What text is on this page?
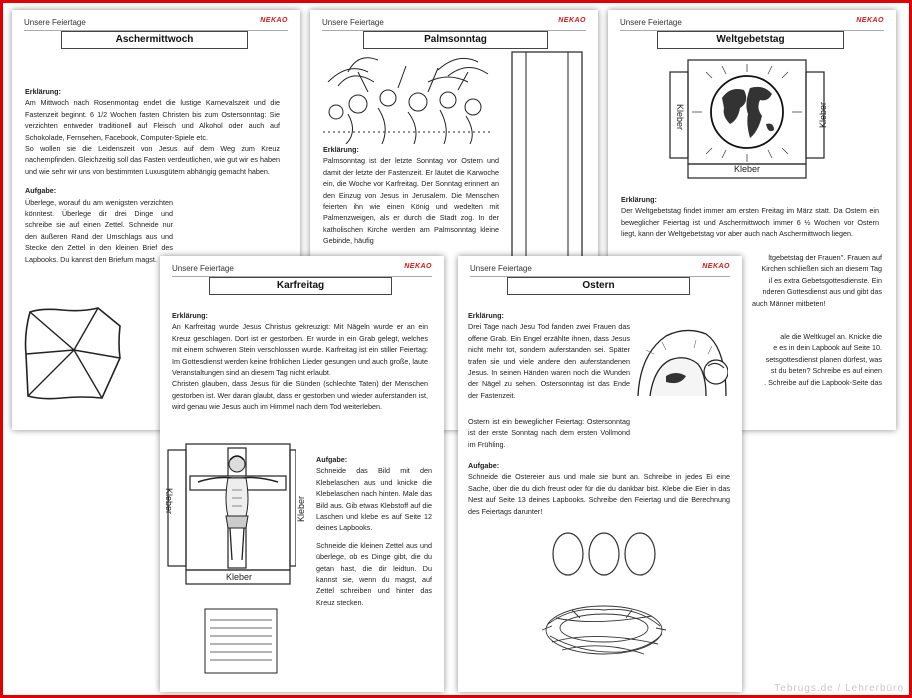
Unsere Feiertage	NEKAO
Aschermittwoch

Erklärung:

Am Mittwoch nach Rosenmontag endet die lustige Karnevalszeit und die Fastenzeit beginnt. 6 1/2 Wochen fasten Christen bis zum Ostersonntag: Sie verzichten entweder traditionell auf Fleisch und Alkohol oder auch auf Schokolade, Fernsehen, Facebook, Computer-Spiele etc.

So wollen sie die Leidenszeit von Jesus auf dem Weg zum Kreuz nachempfinden. Gleichzeitig soll das Fasten verdeutlichen, wie gut wir es haben und wie sehr wir uns von bestimmten Luxusgütern abhängig gemacht haben.

Aufgabe:

Überlege, worauf du am wenigsten verzichten könntest. Überlege dir drei Dinge und schreibe sie auf einen Zettel. Schneide nur den äußeren Rand der Umschlags aus und Stecke den Zettel in den kleinen Brief des Lapbooks. Du kannst den Briefum magst.

Unsere Feiertage	NEKAO
Palmsonntag

Erklärung:

Palmsonntag ist der letzte Sonntag vor Ostern und damit der letzte der Fastenzeit. Er läutet die Karwoche ein, die Woche vor Karfreitag. Der Sonntag erinnert an den Einzug von Jesus in Jerusalem. Die Menschen feierten ihn wie einen König und wedelten mit Palmenzweigen, als er durch die Stadt zog. In der katholischen Kirche werden am Palmsonntag kleine Gebinde, häufig

Unsere Feiertage	NEKAO
Weltgebetstag
Kleber	Kleber
Kleber

Erklärung:

Der Weltgebetstag findet immer am ersten Freitag im März statt. Da Ostern ein beweglicher Feiertag ist und Aschermittwoch immer 6 ½ Wochen vor Ostern liegt, kann der Weltgebetstag vor aber auch nach Aschermittwoch liegen.

ltgebetstag der Frauen". Frauen auf

Kirchen schließen sich an diesem Tag

il es extra Gebetsgottesdienste. Ein

nderen Gottesdienst aus und gibt das

auch Männer mitbeten!

ale die Weltkugel an. Knicke die

e es in dein Lapbook auf Seite 10.

setsgottesdienst planen dürfest, was

st du beten? Schreibe es auf einen

. Schreibe auf die Lapbook-Seite das

Unsere Feiertage	NEKAO
Karfreitag

Erklärung:

An Karfreitag wurde Jesus Christus gekreuzigt: Mit Nägeln wurde er an ein Kreuz geschlagen. Dort ist er gestorben. Er wurde in ein Grab gelegt, welches mit einem schweren Stein verschlossen wurde. Karfreitag ist ein stiller Feiertag: Im Gottesdienst werden keine fröhlichen Lieder gesungen und auch große, laute Veranstaltungen sind an diesem Tag nicht erlaubt.

Christen glauben, dass Jesus für die Sünden (schlechte Taten) der Menschen gestorben ist. Wer daran glaubt, dass er gestorben und wieder auferstanden ist, wird genau wie Jesus auch im Himmel nach dem Tod weiterleben.

Kleber	Kleber
Kleber

Aufgabe:

Schneide das Bild mit den Klebelaschen aus und knicke die Klebelaschen nach hinten. Male das Bild aus. Gib etwas Klebstoff auf die Laschen und klebe es auf Seite 12 deines Lapbooks.

Schneide die kleinen Zettel aus und überlege, ob es Dinge gibt, die du getan hast, die dir leidtun. Du kannst sie, wenn du magst, auf Zettel schreiben und hinter das Kreuz stecken.

Unsere Feiertage	NEKAO
Ostern

Erklärung:

Drei Tage nach Jesu Tod fanden zwei Frauen das offene Grab. Ein Engel erzählte ihnen, dass Jesus nicht mehr tot, sondern auferstanden sei. Später trafen sie und viele andere den auferstandenen Jesus. In seinen Händen waren noch die Wunden der Nägel zu sehen. Ostersonntag ist das Ende der Fastenzeit.

Ostern ist ein beweglicher Feiertag: Ostersonntag ist der erste Sonntag nach dem ersten Vollmond im Frühling.

Aufgabe:

Schneide die Ostereier aus und male sie bunt an. Schreibe in jedes Ei eine Sache, über die du dich freust oder für die du dankbar bist. Klebe die Eier in das Nest auf Seite 13 deines Lapbooks. Schreibe den Feiertag und die Berechnung des Feiertags darunter!

Tebrugs.de / Lehrerbüro
